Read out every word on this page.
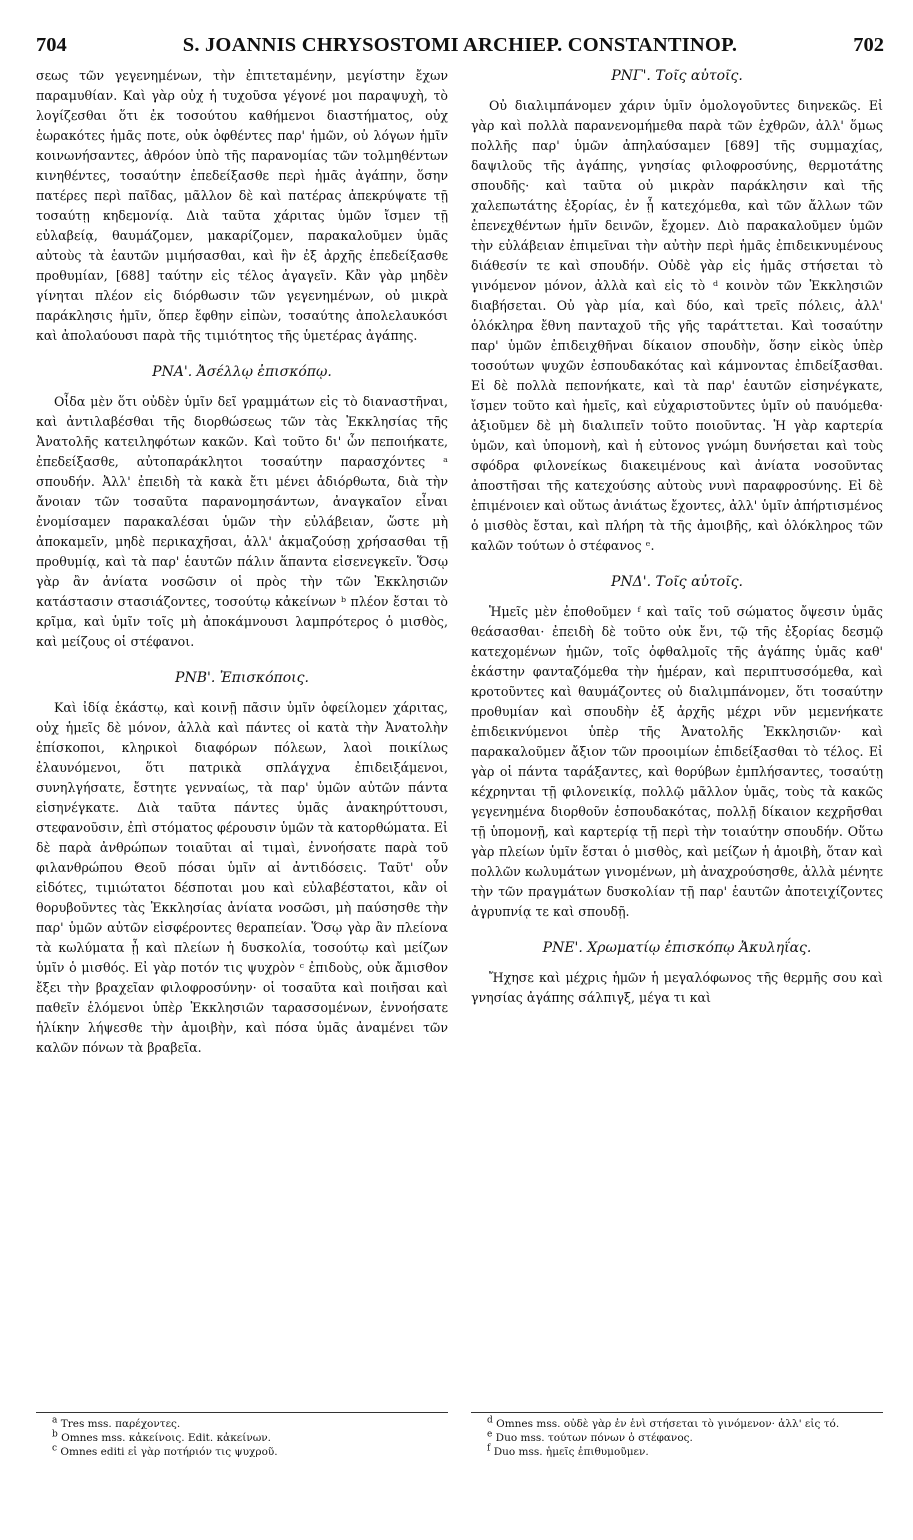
704	S. JOANNIS CHRYSOSTOMI ARCHIEP. CONSTANTINOP.	702

σεως τῶν γεγενημένων, τὴν ἐπιτεταμένην, μεγίστην ἔχων παραμυθίαν. Καὶ γὰρ οὐχ ἡ τυχοῦσα γέγονέ μοι παραψυχὴ, τὸ λογίζεσθαι ὅτι ἐκ τοσούτου καθήμενοι διαστήματος, οὐχ ἑωρακότες ἡμᾶς ποτε, οὐκ ὀφθέντες παρ' ἡμῶν, οὐ λόγων ἡμῖν κοινωνήσαντες, ἀθρόον ὑπὸ τῆς παρανομίας τῶν τολμηθέντων κινηθέντες, τοσαύτην ἐπεδείξασθε περὶ ἡμᾶς ἀγάπην, ὅσην πατέρες περὶ παῖδας, μᾶλλον δὲ καὶ πατέρας ἀπεκρύψατε τῇ τοσαύτῃ κηδεμονίᾳ. Διὰ ταῦτα χάριτας ὑμῶν ἴσμεν τῇ εὐλαβείᾳ, θαυμάζομεν, μακαρίζομεν, παρακαλοῦμεν ὑμᾶς αὐτοὺς τὰ ἑαυτῶν μιμήσασθαι, καὶ ἣν ἐξ ἀρχῆς ἐπεδείξασθε προθυμίαν, [688] ταύτην εἰς τέλος ἀγαγεῖν. Κἂν γὰρ μηδὲν γίνηται πλέον εἰς διόρθωσιν τῶν γεγενημένων, οὐ μικρὰ παράκλησις ἡμῖν, ὅπερ ἔφθην εἰπὼν, τοσαύτης ἀπολελαυκόσι καὶ ἀπολαύουσι παρὰ τῆς τιμιότητος τῆς ὑμετέρας ἀγάπης.

ΡΝΑ'. Ἀσέλλῳ ἐπισκόπῳ.

Οἶδα μὲν ὅτι οὐδὲν ὑμῖν δεῖ γραμμάτων εἰς τὸ διαναστῆναι, καὶ ἀντιλαβέσθαι τῆς διορθώσεως τῶν τὰς Ἐκκλησίας τῆς Ἀνατολῆς κατειληφότων κακῶν. Καὶ τοῦτο δι' ὧν πεποιήκατε, ἐπεδείξασθε, αὐτοπαράκλητοι τοσαύτην παρασχόντες ᵃ σπουδήν. Ἀλλ' ἐπειδὴ τὰ κακὰ ἔτι μένει ἀδιόρθωτα, διὰ τὴν ἄνοιαν τῶν τοσαῦτα παρανομησάντων, ἀναγκαῖον εἶναι ἐνομίσαμεν παρακαλέσαι ὑμῶν τὴν εὐλάβειαν, ὥστε μὴ ἀποκαμεῖν, μηδὲ περικαχῆσαι, ἀλλ' ἀκμαζούσῃ χρήσασθαι τῇ προθυμίᾳ, καὶ τὰ παρ' ἑαυτῶν πάλιν ἅπαντα εἰσενεγκεῖν. Ὅσῳ γὰρ ἂν ἀνίατα νοσῶσιν οἱ πρὸς τὴν τῶν Ἐκκλησιῶν κατάστασιν στασιάζοντες, τοσούτῳ κἀκείνων ᵇ πλέον ἔσται τὸ κρῖμα, καὶ ὑμῖν τοῖς μὴ ἀποκάμνουσι λαμπρότερος ὁ μισθὸς, καὶ μείζους οἱ στέφανοι.

ΡΝΒ'. Ἐπισκόποις.

Καὶ ἰδίᾳ ἑκάστῳ, καὶ κοινῇ πᾶσιν ὑμῖν ὀφείλομεν χάριτας, οὐχ ἡμεῖς δὲ μόνον, ἀλλὰ καὶ πάντες οἱ κατὰ τὴν Ἀνατολὴν ἐπίσκοποι, κληρικοὶ διαφόρων πόλεων, λαοὶ ποικίλως ἐλαυνόμενοι, ὅτι πατρικὰ σπλάγχνα ἐπιδειξάμενοι, συνηλγήσατε, ἔστητε γενναίως, τὰ παρ' ὑμῶν αὐτῶν πάντα εἰσηνέγκατε. Διὰ ταῦτα πάντες ὑμᾶς ἀνακηρύττουσι, στεφανοῦσιν, ἐπὶ στόματος φέρουσιν ὑμῶν τὰ κατορθώματα. Εἰ δὲ παρὰ ἀνθρώπων τοιαῦται αἱ τιμαὶ, ἐννοήσατε παρὰ τοῦ φιλανθρώπου Θεοῦ πόσαι ὑμῖν αἱ ἀντιδόσεις. Ταῦτ' οὖν εἰδότες, τιμιώτατοι δέσποται μου καὶ εὐλαβέστατοι, κἂν οἱ θορυβοῦντες τὰς Ἐκκλησίας ἀνίατα νοσῶσι, μὴ παύσησθε τὴν παρ' ὑμῶν αὐτῶν εἰσφέροντες θεραπείαν. Ὅσῳ γὰρ ἂν πλείονα τὰ κωλύματα ᾖ καὶ πλείων ἡ δυσκολία, τοσούτῳ καὶ μείζων ὑμῖν ὁ μισθός. Εἰ γὰρ ποτόν τις ψυχρὸν ᶜ ἐπιδοὺς, οὐκ ἄμισθον ἔξει τὴν βραχεῖαν φιλοφροσύνην· οἱ τοσαῦτα καὶ ποιῆσαι καὶ παθεῖν ἑλόμενοι ὑπὲρ Ἐκκλησιῶν ταρασσομένων, ἐννοήσατε ἡλίκην λήψεσθε τὴν ἀμοιβὴν, καὶ πόσα ὑμᾶς ἀναμένει τῶν καλῶν πόνων τὰ βραβεῖα.

ΡΝΓ'. Τοῖς αὐτοῖς.

Οὐ διαλιμπάνομεν χάριν ὑμῖν ὁμολογοῦντες διηνεκῶς. Εἰ γὰρ καὶ πολλὰ παρανενομήμεθα παρὰ τῶν ἐχθρῶν, ἀλλ' ὅμως πολλῆς παρ' ὑμῶν ἀπηλαύσαμεν [689] τῆς συμμαχίας, δαψιλοῦς τῆς ἀγάπης, γνησίας φιλοφροσύνης, θερμοτάτης σπουδῆς· καὶ ταῦτα οὐ μικρὰν παράκλησιν καὶ τῆς χαλεπωτάτης ἐξορίας, ἐν ᾗ κατεχόμεθα, καὶ τῶν ἄλλων τῶν ἐπενεχθέντων ἡμῖν δεινῶν, ἔχομεν. Διὸ παρακαλοῦμεν ὑμῶν τὴν εὐλάβειαν ἐπιμεῖναι τὴν αὐτὴν περὶ ἡμᾶς ἐπιδεικνυμένους διάθεσίν τε καὶ σπουδήν. Οὐδὲ γὰρ εἰς ἡμᾶς στήσεται τὸ γινόμενον μόνον, ἀλλὰ καὶ εἰς τὸ ᵈ κοινὸν τῶν Ἐκκλησιῶν διαβήσεται. Οὐ γὰρ μία, καὶ δύο, καὶ τρεῖς πόλεις, ἀλλ' ὁλόκληρα ἔθνη πανταχοῦ τῆς γῆς ταράττεται. Καὶ τοσαύτην παρ' ὑμῶν ἐπιδειχθῆναι δίκαιον σπουδὴν, ὅσην εἰκὸς ὑπὲρ τοσούτων ψυχῶν ἐσπουδακότας καὶ κάμνοντας ἐπιδείξασθαι. Εἰ δὲ πολλὰ πεπονήκατε, καὶ τὰ παρ' ἑαυτῶν εἰσηνέγκατε, ἴσμεν τοῦτο καὶ ἡμεῖς, καὶ εὐχαριστοῦντες ὑμῖν οὐ παυόμεθα· ἀξιοῦμεν δὲ μὴ διαλιπεῖν τοῦτο ποιοῦντας. Ἡ γὰρ καρτερία ὑμῶν, καὶ ὑπομονὴ, καὶ ἡ εὐτονος γνώμη δυνήσεται καὶ τοὺς σφόδρα φιλονείκως διακειμένους καὶ ἀνίατα νοσοῦντας ἀποστῆσαι τῆς κατεχούσης αὐτοὺς νυνὶ παραφροσύνης. Εἰ δὲ ἐπιμένοιεν καὶ οὕτως ἀνιάτως ἔχοντες, ἀλλ' ὑμῖν ἀπήρτισμένος ὁ μισθὸς ἔσται, καὶ πλήρη τὰ τῆς ἀμοιβῆς, καὶ ὁλόκληρος τῶν καλῶν τούτων ὁ στέφανος ᵉ.

ΡΝΔ'. Τοῖς αὐτοῖς.

Ἡμεῖς μὲν ἐποθοῦμεν ᶠ καὶ ταῖς τοῦ σώματος ὄψεσιν ὑμᾶς θεάσασθαι· ἐπειδὴ δὲ τοῦτο οὐκ ἔνι, τῷ τῆς ἐξορίας δεσμῷ κατεχομένων ἡμῶν, τοῖς ὀφθαλμοῖς τῆς ἀγάπης ὑμᾶς καθ' ἑκάστην φανταζόμεθα τὴν ἡμέραν, καὶ περιπτυσσόμεθα, καὶ κροτοῦντες καὶ θαυμάζοντες οὐ διαλιμπάνομεν, ὅτι τοσαύτην προθυμίαν καὶ σπουδὴν ἐξ ἀρχῆς μέχρι νῦν μεμενήκατε ἐπιδεικνύμενοι ὑπὲρ τῆς Ἀνατολῆς Ἐκκλησιῶν· καὶ παρακαλοῦμεν ἄξιον τῶν προοιμίων ἐπιδείξασθαι τὸ τέλος. Εἰ γὰρ οἱ πάντα ταράξαντες, καὶ θορύβων ἐμπλήσαντες, τοσαύτῃ κέχρηνται τῇ φιλονεικίᾳ, πολλῷ μᾶλλον ὑμᾶς, τοὺς τὰ κακῶς γεγενημένα διορθοῦν ἐσπουδακότας, πολλῇ δίκαιον κεχρῆσθαι τῇ ὑπομονῇ, καὶ καρτερίᾳ τῇ περὶ τὴν τοιαύτην σπουδήν. Οὕτω γὰρ πλείων ὑμῖν ἔσται ὁ μισθὸς, καὶ μείζων ἡ ἀμοιβὴ, ὅταν καὶ πολλῶν κωλυμάτων γινομένων, μὴ ἀναχρούσησθε, ἀλλὰ μένητε τὴν τῶν πραγμάτων δυσκολίαν τῇ παρ' ἑαυτῶν ἀποτειχίζοντες ἀγρυπνίᾳ τε καὶ σπουδῇ.

ΡΝΕ'. Χρωματίῳ ἐπισκόπῳ Ἀκυληΐας.

Ἤχησε καὶ μέχρις ἡμῶν ἡ μεγαλόφωνος τῆς θερμῆς σου καὶ γνησίας ἀγάπης σάλπιγξ, μέγα τι καὶ

a Tres mss. παρέχοντες.

b Omnes mss. κἀκείνοις. Edit. κἀκείνων.

c Omnes editi εἰ γὰρ ποτήριόν τις ψυχροῦ.

d Omnes mss. οὐδὲ γὰρ ἐν ἑνὶ στήσεται τὸ γινόμενον· ἀλλ' εἰς τό.

e Duo mss. τούτων πόνων ὁ στέφανος.

f Duo mss. ἡμεῖς ἐπιθυμοῦμεν.
